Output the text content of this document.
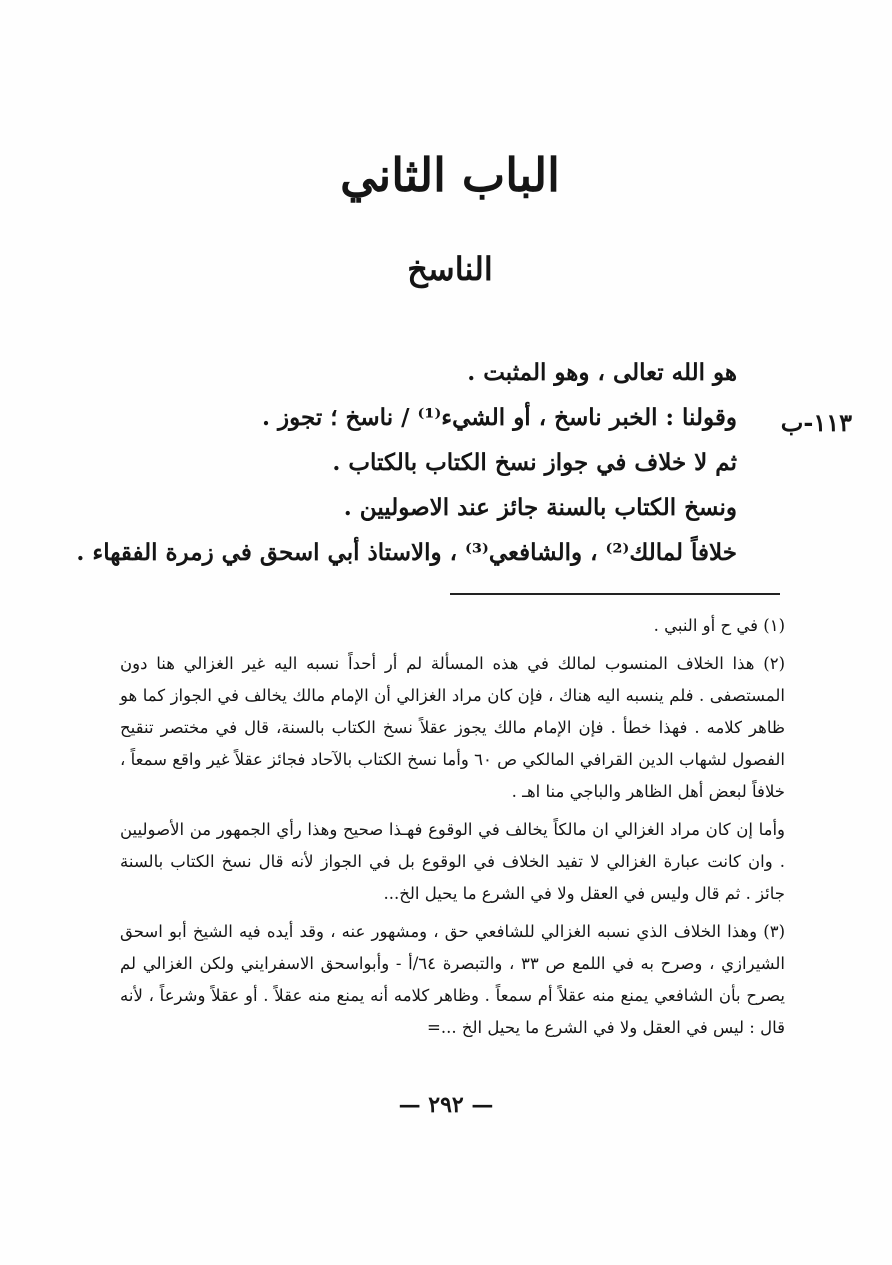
الباب الثاني
الناسخ
١١٣-ب
هو الله تعالى ، وهو المثبت .
وقولنا : الخبر ناسخ ، أو الشيء⁽¹⁾ / ناسخ ؛ تجوز .
ثم لا خلاف في جواز نسخ الكتاب بالكتاب .
ونسخ الكتاب بالسنة جائز عند الاصوليين .
خلافاً لمالك⁽²⁾ ، والشافعي⁽³⁾ ، والاستاذ أبي اسحق في زمرة الفقهاء .

(١) في ح أو النبي .

(٢) هذا الخلاف المنسوب لمالك في هذه المسألة لم أر أحداً نسبه اليه غير الغزالي هنا دون المستصفى . فلم ينسبه اليه هناك ، فإن كان مراد الغزالي أن الإمام مالك يخالف في الجواز كما هو ظاهر كلامه . فهذا خطأ . فإن الإمام مالك يجوز عقلاً نسخ الكتاب بالسنة، قال في مختصر تنقيح الفصول لشهاب الدين القرافي المالكي ص ٦٠ وأما نسخ الكتاب بالآحاد فجائز عقلاً غير واقع سمعاً ، خلافاً لبعض أهل الظاهر والباجي منا اهـ .

وأما إن كان مراد الغزالي ان مالكاً يخالف في الوقوع فهـذا صحيح وهذا رأي الجمهور من الأصوليين . وان كانت عبارة الغزالي لا تفيد الخلاف في الوقوع بل في الجواز لأنه قال نسخ الكتاب بالسنة جائز . ثم قال وليس في العقل ولا في الشرع ما يحيل الخ...

(٣) وهذا الخلاف الذي نسبه الغزالي للشافعي حق ، ومشهور عنه ، وقد أيده فيه الشيخ أبو اسحق الشيرازي ، وصرح به في اللمع ص ٣٣ ، والتبصرة ٦٤/أ - وأبواسحق الاسفرايني ولكن الغزالي لم يصرح بأن الشافعي يمنع منه عقلاً أم سمعاً . وظاهر كلامه أنه يمنع منه عقلاً . أو عقلاً وشرعاً ، لأنه قال : ليس في العقل ولا في الشرع ما يحيل الخ ...=

— ٢٩٢ —
